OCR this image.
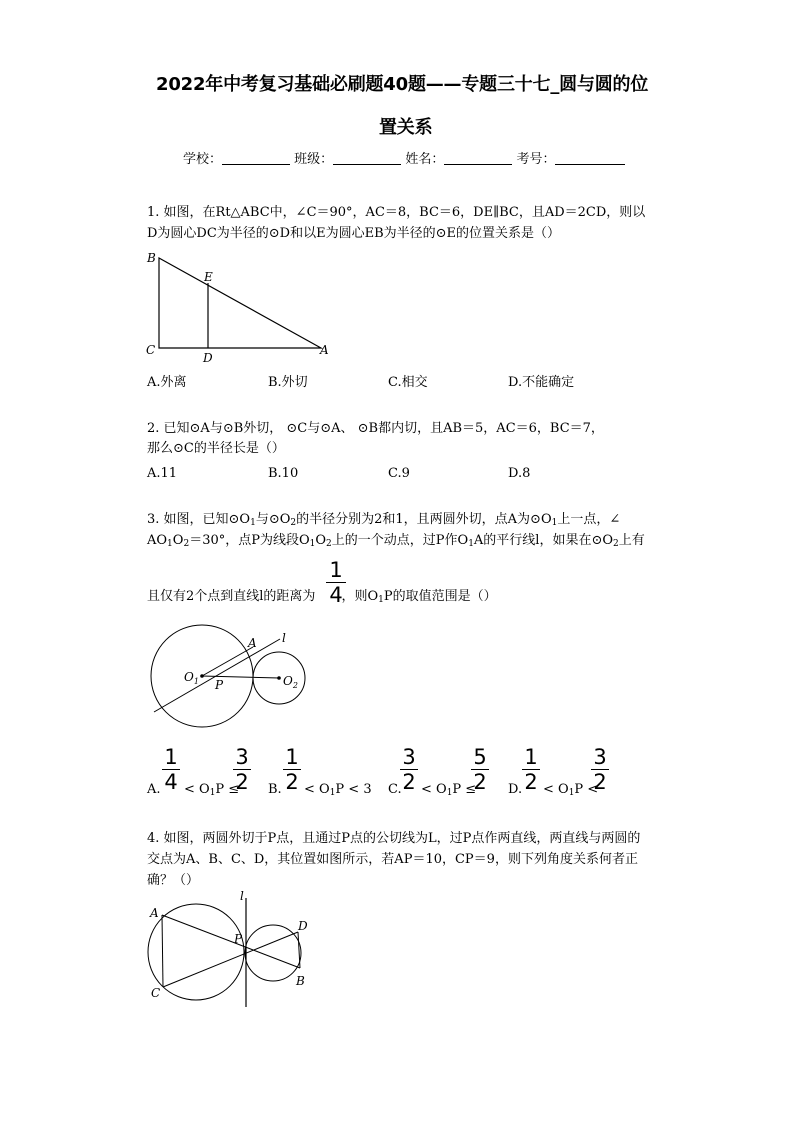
2022年中考复习基础必刷题40题——专题三十七_圆与圆的位
置关系
学校：	班级：	姓名：	考号：
1. 如图，在Rt△ABC中，∠C＝90°，AC＝8，BC＝6，DE∥BC，且AD＝2CD，则以
D为圆心DC为半径的⊙D和以E为圆心EB为半径的⊙E的位置关系是（）
B
E
C
D
A
A.外离	B.外切	C.相交	D.不能确定
2. 已知⊙A与⊙B外切， ⊙C与⊙A、 ⊙B都内切，且AB＝5，AC＝6，BC＝7，
那么⊙C的半径长是（）
A.11	B.10	C.9	D.8
3. 如图，已知$⊙O_1$与$⊙O_2$的半径分别为2和1，且两圆外切，点A为$⊙O_1$上一点，∠
$AO_1O_2=30^\circ$，点P为线段$O_1O_2$上的一个动点，过P作$O_1A$的平行线l，如果在$⊙O_2$上有
且仅有2个点到直线l的距离为 ，则$O_1P$的取值范围是（）
1
4
A l
$O_1$ P	$O_2$
A.
1
$4 < O_1P$ ≤
3
2 B.
1
$2 < O_1P < 3$ C.
3
$2 < O_1P$ ≤
5
2 D.
1
$2 < O_1P$ <
3
2
4. 如图，两圆外切于P点，且通过P点的公切线为L，过P点作两直线，两直线与两圆的
交点为A、B、C、D，其位置如图所示，若AP＝10，CP＝9，则下列角度关系何者正
确？（）
l
A
P
D
C
B
